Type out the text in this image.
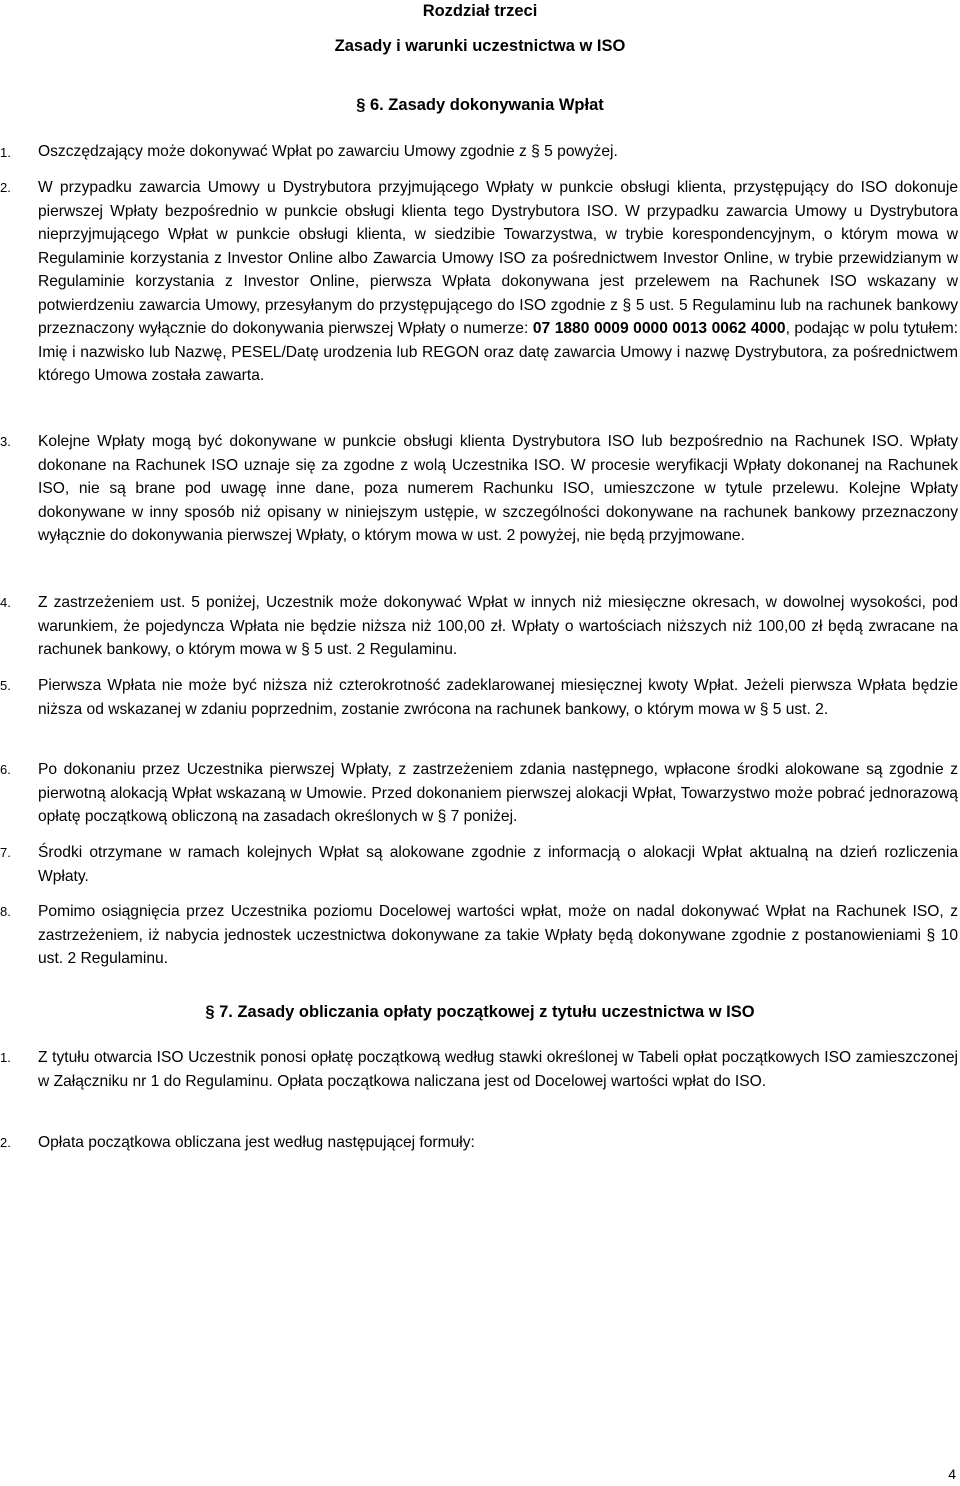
Rozdział trzeci
Zasady i warunki uczestnictwa w ISO
§ 6. Zasady dokonywania Wpłat
1.	Oszczędzający może dokonywać Wpłat po zawarciu Umowy zgodnie z § 5 powyżej.
2.	W przypadku zawarcia Umowy u Dystrybutora przyjmującego Wpłaty w punkcie obsługi klienta, przystępujący do ISO dokonuje pierwszej Wpłaty bezpośrednio w punkcie obsługi klienta tego Dystrybutora ISO. W przypadku zawarcia Umowy u Dystrybutora nieprzyjmującego Wpłat w punkcie obsługi klienta, w siedzibie Towarzystwa, w trybie korespondencyjnym, o którym mowa w Regulaminie korzystania z Investor Online albo Zawarcia Umowy ISO za pośrednictwem Investor Online, w trybie przewidzianym w Regulaminie korzystania z Investor Online, pierwsza Wpłata dokonywana jest przelewem na Rachunek ISO wskazany w potwierdzeniu zawarcia Umowy, przesyłanym do przystępującego do ISO zgodnie z § 5 ust. 5 Regulaminu lub na rachunek bankowy przeznaczony wyłącznie do dokonywania pierwszej Wpłaty o numerze: 07 1880 0009 0000 0013 0062 4000, podając w polu tytułem: Imię i nazwisko lub Nazwę, PESEL/Datę urodzenia lub REGON oraz datę zawarcia Umowy i nazwę Dystrybutora, za pośrednictwem którego Umowa została zawarta.
3.	Kolejne Wpłaty mogą być dokonywane w punkcie obsługi klienta Dystrybutora ISO lub bezpośrednio na Rachunek ISO. Wpłaty dokonane na Rachunek ISO uznaje się za zgodne z wolą Uczestnika ISO. W procesie weryfikacji Wpłaty dokonanej na Rachunek ISO, nie są brane pod uwagę inne dane, poza numerem Rachunku ISO, umieszczone w tytule przelewu. Kolejne Wpłaty dokonywane w inny sposób niż opisany w niniejszym ustępie, w szczególności dokonywane na rachunek bankowy przeznaczony wyłącznie do dokonywania pierwszej Wpłaty, o którym mowa w ust. 2 powyżej, nie będą przyjmowane.
4.	Z zastrzeżeniem ust. 5 poniżej, Uczestnik może dokonywać Wpłat w innych niż miesięczne okresach, w dowolnej wysokości, pod warunkiem, że pojedyncza Wpłata nie będzie niższa niż 100,00 zł. Wpłaty o wartościach niższych niż 100,00 zł będą zwracane na rachunek bankowy, o którym mowa w § 5 ust. 2 Regulaminu.
5.	Pierwsza Wpłata nie może być niższa niż czterokrotność zadeklarowanej miesięcznej kwoty Wpłat. Jeżeli pierwsza Wpłata będzie niższa od wskazanej w zdaniu poprzednim, zostanie zwrócona na rachunek bankowy, o którym mowa w § 5 ust. 2.
6.	Po dokonaniu przez Uczestnika pierwszej Wpłaty, z zastrzeżeniem zdania następnego, wpłacone środki alokowane są zgodnie z pierwotną alokacją Wpłat wskazaną w Umowie. Przed dokonaniem pierwszej alokacji Wpłat, Towarzystwo może pobrać jednorazową opłatę początkową obliczoną na zasadach określonych w § 7 poniżej.
7.	Środki otrzymane w ramach kolejnych Wpłat są alokowane zgodnie z informacją o alokacji Wpłat aktualną na dzień rozliczenia Wpłaty.
8.	Pomimo osiągnięcia przez Uczestnika poziomu Docelowej wartości wpłat, może on nadal dokonywać Wpłat na Rachunek ISO, z zastrzeżeniem, iż nabycia jednostek uczestnictwa dokonywane za takie Wpłaty będą dokonywane zgodnie z postanowieniami § 10 ust. 2 Regulaminu.
§ 7. Zasady obliczania opłaty początkowej z tytułu uczestnictwa w ISO
1.	Z tytułu otwarcia ISO Uczestnik ponosi opłatę początkową według stawki określonej w Tabeli opłat początkowych ISO zamieszczonej w Załączniku nr 1 do Regulaminu. Opłata początkowa naliczana jest od Docelowej wartości wpłat do ISO.
2.	Opłata początkowa obliczana jest według następującej formuły:
4
